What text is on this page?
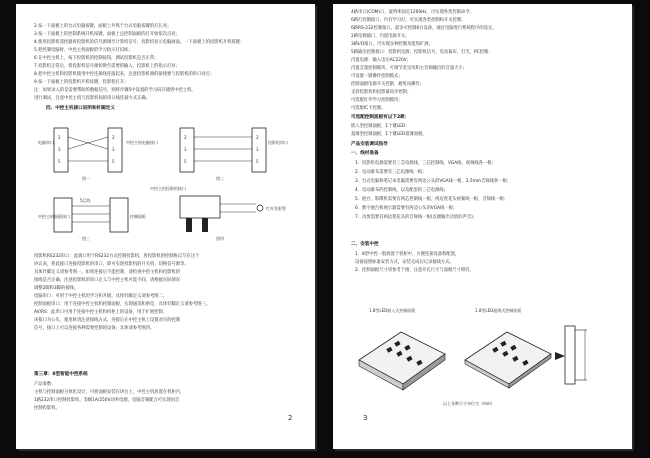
2.按一下面板上的台式电脑按键，面板上共鸣于台式电脑按键的灯长亮；
3.按一下面板上的控制系统开机按键，面板上总控制面板的灯开始依次点亮；
4.使用投影机遥控器将投影机的信号源调至计算机信号，投影机显示电脑画面，一下面板上的投影机开机按键；
5.把控制电脑时，中控主机面板的学习指示灯闪烁；
6.在中控主机上，按下投影机的控制按钮，测试投影机是否正常；
7.投影机正常后，将投影机信号源切换至需要的输入，投影机上的指示灯亮；
8.把中控主机和投影机使用中控连接线连接起来，注意投影机端的接线要与投影机的串口对应；
9.按一下面板上的投影机开机按键，投影机打开；
注：如果录入的是需要帮助的数据信号，则将步骤5中设置的学习码存储到中控主机，
进行调试，注意中控主机与投影机间的串口线连接方式正确。
四、中控主机接口说明和针脚定义
2
3
5
2
3
5
电脑串口	中控主机电脑接口
图一
2
3
5
2
3
5
中控主机投影机接口
投影机串口
图二
中控主机面板接口	控制面板
5芯线
图三
红外发射管
图四
投影机RS232串口：此端口用于RS232方式控制投影机，将投影机的控制协议写在这个
协议表，将此接口连接投影机的串口，即可实现投影机的开关机、切换信号源等。
具体针脚定义请参考图一。如果连接后不能控制，请检查中控主机和投影机的
接线是否正确，注意投影机的串口定义与中控主机可能不同，请根据实际情况
调整2脚和3脚的接线。
电脑串口：可用于中控主机的学习和升级，具体针脚定义请参考图二。
控制面板串口：用于连接中控主机和控制面板，实现通讯和供电，具体针脚定义请参考图三。
AV/RS：此串口可用于连接中控主机和机柜上的设备，用于扩展控制，
该接口为公头，使用时请注意接线方式，连接后在中控主机上设置对应的控制
信号，接口上可以连接各种需要控制的设备，具体请参考图四。
第三章：8型智能中控系统
产品参数：
主机与控制面板分体化设计，可将面板安装在讲台上，中控主机放置在机柜内，
1路232串口控制投影机、等级1A/250V功率电源，电脑音频配合可实现语音
控制投影机。
2
4路串口(COM)口，波特率固定1200Hz，可实现各类控制命令。
6路灯控制接口，内有学习灯，可实现各类控制和开关控制；
6路RS-232控制接口，最多可控制6台设备，通过电脑进行系统程序的设定。
2路电源插口，内置电源开关；
3路I/O接口，可实现多种控制功能和扩展；
5路输出控制接口：投影机电源、投影机信号、电动幕布、灯光、PC控制；
内置电源：输入电压AC220V；
内置音量控制模块，可调节麦克风和主音频输出的音量大小；
可设置一键操作控制模式；
控制面板电源开关控制，避免误操作；
支持投影机和投影幕同步控制；
可选配红外学习控制模块；
可选配IC卡控制。
可选配控制面板有以下2款：
嵌入型控制面板，1个键LED；
超薄型控制面板，1个键LED超薄面板。
产品安装调试指导
一、线材准备
1．投影机电源需要有三芯电源线、三芯控制线、VGA线、视频线各一根；
2．电动幕布需要有三芯电源线一根；
3．台式电脑和笔记本电脑需要有两边公头的VGA线一根，3.5mm音频线各一根；
4．电动幕布的控制线，以及配套的三芯电源线；
5．展台、影碟机需要有两芯控制线一根、两边莲花头视频线一根、音频线一根；
6．数字展台和展示器需要有两边公头的VGA线一根；
7．功放需要有两边莲花头的音频线一根(以便输出功放的声音)。
二、安装中控
1．8型中控一般放置于机柜中，方便连接设备和配置，
设备按照标准安装方式，安装完成后记录接线方式。
2．控制面板尺寸请参考下图，注意开孔尺寸与面板尺寸相符。
1.8型LED嵌入式控制面板	1.8型LED超薄式控制面板
以上各种尺寸单位为（mm）
3
